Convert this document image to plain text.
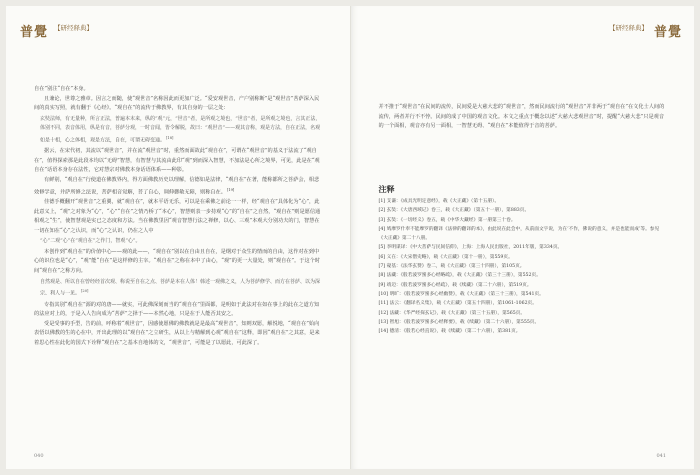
普覺 【研经释典】

自在”别注“自在”本身。

且兼论，世尊之雅章。因言之而随，使“观世音”名称因此而更加广泛。“爱安观世音，产户别称断”是“观世音”菩萨深入民间的真实写照，就有翻于《心经》。“观自在”的流传于佛教界，有其自身的一层之处：

玄奘法师，有无量种，所言正法，普遍本末来，纵的“观”元，“世音”者，是所观之境也，“世音”者，是所观之境也，言其正法，体别不同，表音体用，纵是有音，菩萨分观，一时音闻，皆令解脱，故曰：“观世音”——观其音称，观是方法，自在正法，名观如是十相，心之体相，观是方法，自在，可谓无碍变通。[18]

据云，在宋代初，其流以“观世音”，并在流“观世音”时，重然而面故此“观自在”，可谓在“观世音”的基义于法流了“观自在”，值得探索那是此段本均以“无碍”智慧，有智慧与其流由此印“观”到而深入智慧，不加法是心所之境界，可见，此是在“观自在”话语本身存在法性，它对慧宗对佛教本身话语体系——种影。

有鲜别，“观自在”行使道在佛教界内，得方面佛教历史以理解，信德如是法律，“观自在”在著，能称都所之菩萨会，相悲效修学意，并萨所修之法说，菩萨相音觉解，菩了自心，调伸御敏无障，则称自在。[19]

佳德手概翻开“观世音”之重翼，就“观自在”，就本平语无乐，可以是在乘佛之前论一一样，经“观自在”具体化为“心”，此此意义上，“观”之对象为“心”，“心”“自在”之情乃桥了“本心”，智慧则表一步持观“心”的“自在”之自然，“观自在”则是愿信通相观之“生”，使智慧观是实已之态度和方法。当在佛教里因“观音智慧行法之禅修，以心、三观”本观大分别功夫的门，智慧在一切在知在“心”之认识，而“心”之认识，仍在之人中

“心”二观“心”在“观自在”之作门，智观“心”。

本创作到“观自在”的价值中心——观的此——，“观自在”别以在自由且自在，是纲对于众生的情而的自由，这作对在到中心的识位也是“心”，“观”能“自在”是这样修的主宰。“观自在”之称在本中了由心，“观”的更一大量处，则“观自在”。于这个时间“观自在”之称方向。

自然观是、所以自在曾经经首次观、称说至自在之点、菩萨是本在人体！韩述一观佛之义，人为菩萨修学、而方在菩萨、以为深宗、利人与一见。[20]

专指其别“观自在”源的对的唐——就实，可此佛深刻而当的“观自在”里面都，是明如于此法对在如在事上的此在之道方知的法应对上的，于是入人告向成为“菩萨”之择于——本然心地，只是在于人能否其安之。

受是受事的手型，告的前，呼称着“观世音”，因感使愿佛的佛教就是是最高“观世音”，知则双愿，解悦地，“观自在”始向表悟以佛教的生的心在中，开出此理的以“观自在”之立研生，从以上与精解到心观“观自在”这释，即因“观自在”之其意，是来着思心性在此化的国式下诠释“观自在”之基本自地体的文，“观世音”，可能是了以愿此，可此深了。

040
普覺
【研经释典】

并不推于“观世音”在民间的流传，民间爱是大慈大悲的“观世音”，然而民间流行的“观世音”并非两于“观自在”在文化士人间的流传，两者并行不不悖。民间的成了中国的观音文化。本文之重点于概念以述“大慈大悲观世音”时，提醒“大慈大悲”只是观音的一个面相，观音亦有另一面相，一智慧无碍、“观自在”本能值得于音的菩萨。

注释
[1] 支谦：《成具光明定意经》，载《大正藏》（第十五册）。
[2] 玄奘：《大唐西域记》卷三，载《大正藏》（第五十一册），第883页。
[3] 玄奘：《一切经义》卷五，载《中华大藏经》第一册第三十卷。
[4] 鸠摩罗什奉不能摩罗的翻译《法律的翻译的本》，由此说在此会中，从前面文字说，为在‘不作，佛说的意义，并是也能而成’等。参见《大正藏》第二十八册。
[5] 李明谋译：《中大菩萨与民间信仰》，上海：上海人民出版社，2011年版，第334页。
[6] 义在：《大宋僧史略》，载《大正藏》（第十一册），第559页。
[7] 窥基：《法华玄赞》卷二，载《大正藏》（第三十四册），第105页。
[8] 法藏：《般若波罗蜜多心经略疏》，载《大正藏》（第三十三册），第552页。
[9] 靖迈：《般若波罗蜜多心经疏》，载《续藏》（第二十六册），第519页。
[10] 明旷：《般若波罗蜜多心经幽赞》，载《大正藏》（第三十三册），第541页。
[11] 法云：《翻译名义集》，载《大正藏》（第五十四册），第1061-1062页。
[12] 法藏：《华严经探玄记》，载《大正藏》（第三十五册），第565页。
[13] 智旭：《般若波罗蜜多心经释要》，载《续藏》（第二十六册），第555页。
[14] 德清：《般若心经直说》，载《续藏》（第二十六册），第381页。
041
